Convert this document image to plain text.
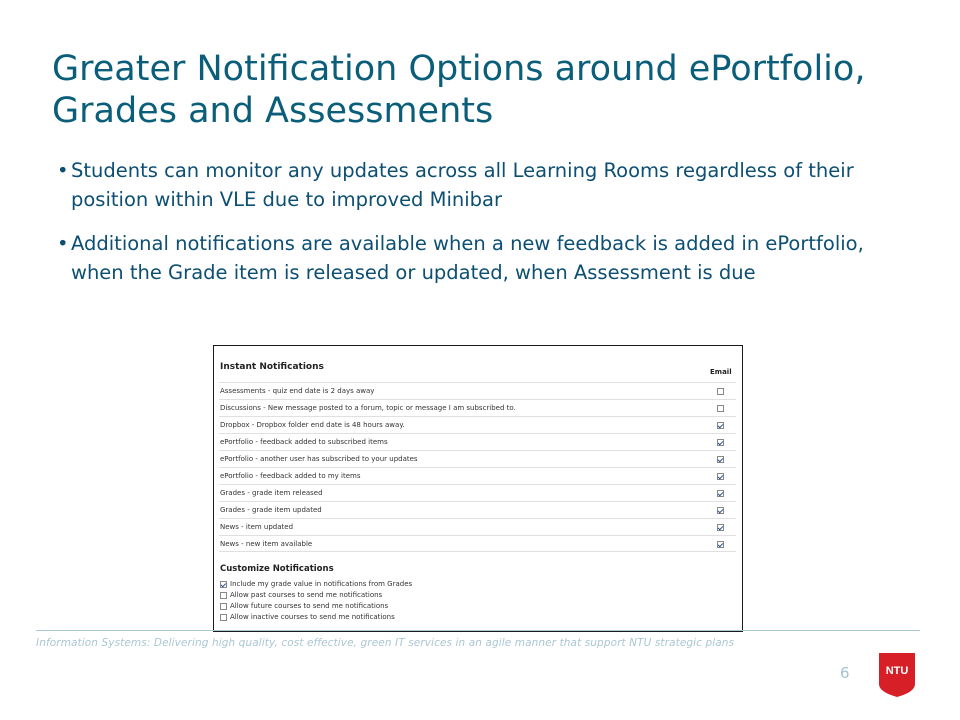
Greater Notification Options around ePortfolio, Grades and Assessments
• Students can monitor any updates across all Learning Rooms regardless of their position within VLE due to improved Minibar
• Additional notifications are available when a new feedback is added in ePortfolio, when the Grade item is released or updated, when Assessment is due
Instant Notifications	Email
Assessments - quiz end date is 2 days away
Discussions - New message posted to a forum, topic or message I am subscribed to.
Dropbox - Dropbox folder end date is 48 hours away.
ePortfolio - feedback added to subscribed items
ePortfolio - another user has subscribed to your updates
ePortfolio - feedback added to my items
Grades - grade item released
Grades - grade item updated
News - item updated
News - new item available
Customize Notifications
Include my grade value in notifications from Grades
Allow past courses to send me notifications
Allow future courses to send me notifications
Allow inactive courses to send me notifications
Information Systems: Delivering high quality, cost effective, green IT services in an agile manner that support NTU strategic plans
6	NTU
